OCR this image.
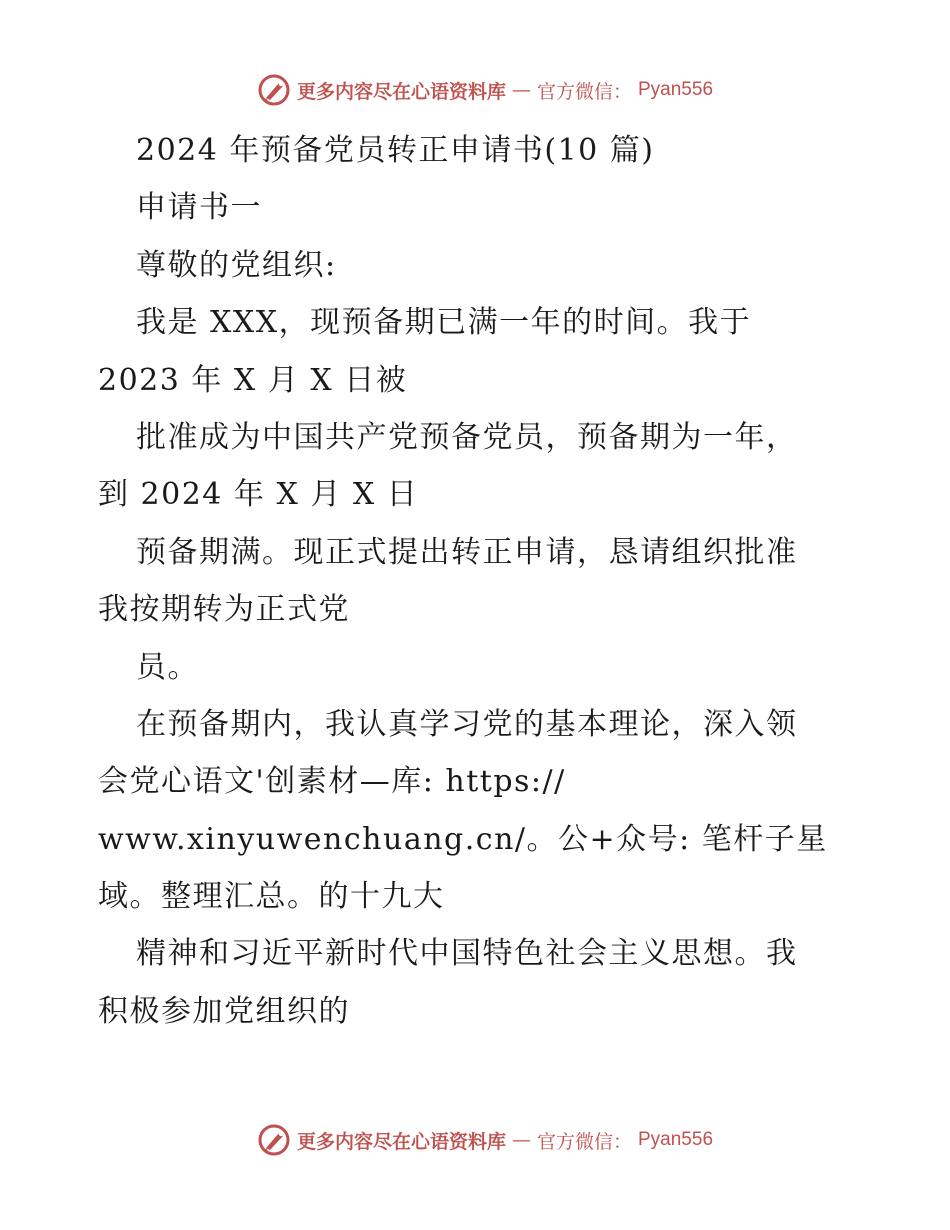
更多内容尽在心语资料库 — 官方微信： Pyan556
2024 年预备党员转正申请书(10 篇)
申请书一
尊敬的党组织:
我是 XXX，现预备期已满一年的时间。我于
2023 年 X 月 X 日被
批准成为中国共产党预备党员，预备期为一年，
到 2024 年 X 月 X 日
预备期满。现正式提出转正申请，恳请组织批准
我按期转为正式党
员。
在预备期内，我认真学习党的基本理论，深入领
会党心语文'创素材—库: https://
www.xinyuwenchuang.cn/。公+众号: 笔杆子星
域。整理汇总。的十九大
精神和习近平新时代中国特色社会主义思想。我
积极参加党组织的
更多内容尽在心语资料库 — 官方微信： Pyan556
